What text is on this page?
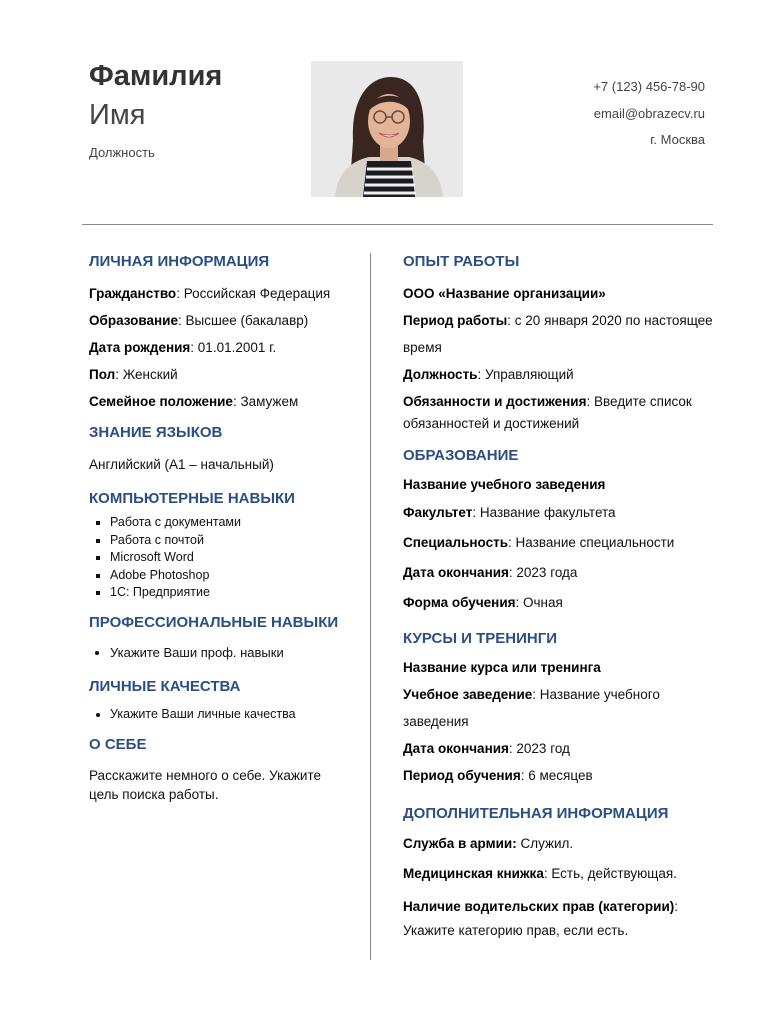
Фамилия
Имя
Должность
+7 (123) 456-78-90
email@obrazecv.ru
г. Москва
ЛИЧНАЯ ИНФОРМАЦИЯ
Гражданство: Российская Федерация
Образование: Высшее (бакалавр)
Дата рождения: 01.01.2001 г.
Пол: Женский
Семейное положение: Замужем
ЗНАНИЕ ЯЗЫКОВ
Английский (A1 – начальный)
КОМПЬЮТЕРНЫЕ НАВЫКИ
▪ Работа с документами
▪ Работа с почтой
▪ Microsoft Word
▪ Adobe Photoshop
▪ 1С: Предприятие
ПРОФЕССИОНАЛЬНЫЕ НАВЫКИ
• Укажите Ваши проф. навыки
ЛИЧНЫЕ КАЧЕСТВА
• Укажите Ваши личные качества
О СЕБЕ
Расскажите немного о себе. Укажите цель поиска работы.
ОПЫТ РАБОТЫ
ООО «Название организации»
Период работы: с 20 января 2020 по настоящее время
Должность: Управляющий
Обязанности и достижения: Введите список обязанностей и достижений
ОБРАЗОВАНИЕ
Название учебного заведения
Факультет: Название факультета
Специальность: Название специальности
Дата окончания: 2023 года
Форма обучения: Очная
КУРСЫ И ТРЕНИНГИ
Название курса или тренинга
Учебное заведение: Название учебного заведения
Дата окончания: 2023 год
Период обучения: 6 месяцев
ДОПОЛНИТЕЛЬНАЯ ИНФОРМАЦИЯ
Служба в армии: Служил.
Медицинская книжка: Есть, действующая.
Наличие водительских прав (категории): Укажите категорию прав, если есть.
